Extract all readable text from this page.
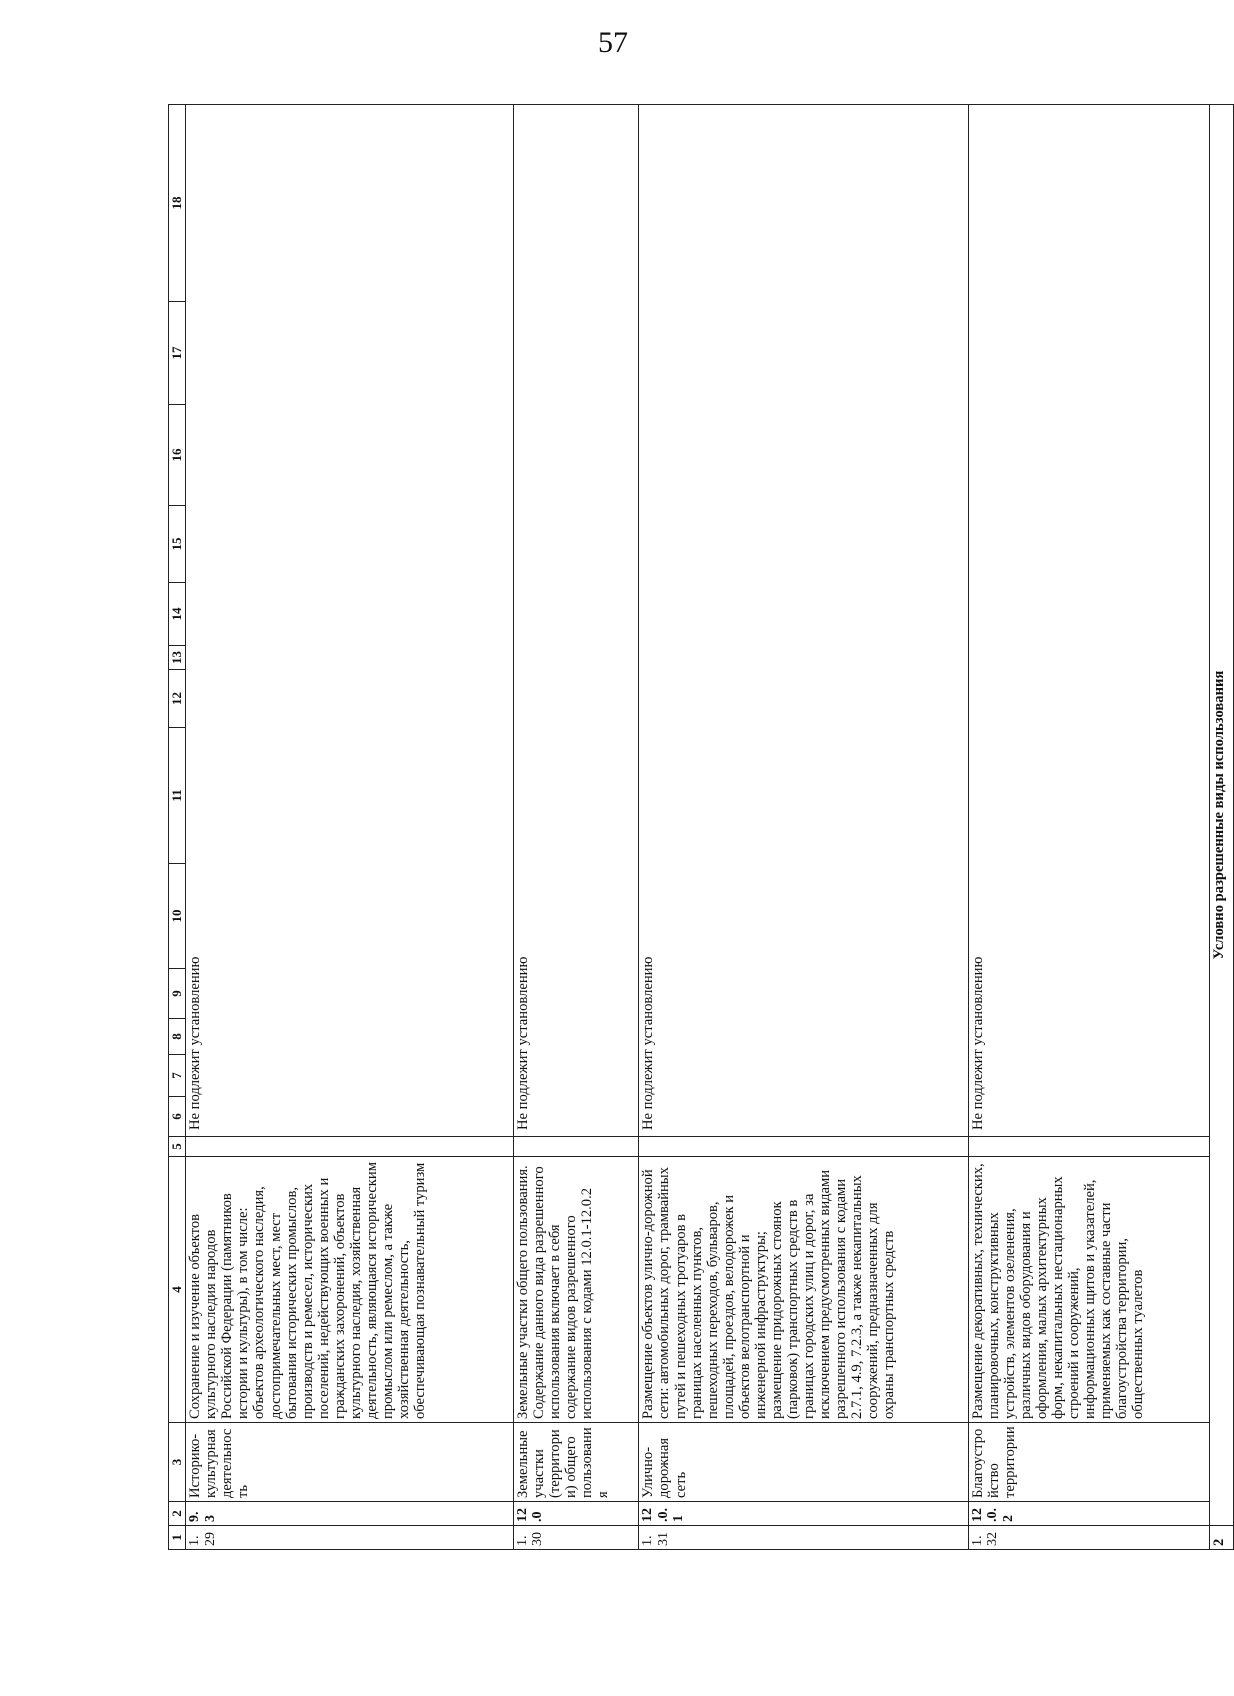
57
1	2	3	4	5	6	7	8	9	10	11	12	13	14	15	16	17	18
1.29	9.3	Историко-культурная деятельность	Сохранение и изучение объектов культурного наследия народов Российской Федерации (памятников истории и культуры), в том числе: объектов археологического наследия, достопримечательных мест, мест бытования исторических промыслов, производств и ремесел, исторических поселений, недействующих военных и гражданских захоронений, объектов культурного наследия, хозяйственная деятельность, являющаяся историческим промыслом или ремеслом, а также хозяйственная деятельность, обеспечивающая познавательный туризм		Не подлежит установлению												
1.30	12.0	Земельные участки (территории) общего пользования	Земельные участки общего пользования. Содержание данного вида разрешенного использования включает в себя содержание видов разрешенного использования с кодами 12.0.1-12.0.2		Не подлежит установлению												
1.31	12.0.1	Улично-дорожная сеть	Размещение объектов улично-дорожной сети: автомобильных дорог, трамвайных путей и пешеходных тротуаров в границах населенных пунктов, пешеходных переходов, бульваров, площадей, проездов, велодорожек и объектов велотранспортной и инженерной инфраструктуры; размещение придорожных стоянок (парковок) транспортных средств в границах городских улиц и дорог, за исключением предусмотренных видами разрешенного использования с кодами 2.7.1, 4.9, 7.2.3, а также некапитальных сооружений, предназначенных для охраны транспортных средств		Не подлежит установлению												
1.32	12.0.2	Благоустройство территории	Размещение декоративных, технических, планировочных, конструктивных устройств, элементов озеленения, различных видов оборудования и оформления, малых архитектурных форм, некапитальных нестационарных строений и сооружений, информационных щитов и указателей, применяемых как составные части благоустройства территории, общественных туалетов		Не подлежит установлению												
2	Условно разрешенные виды использования																
